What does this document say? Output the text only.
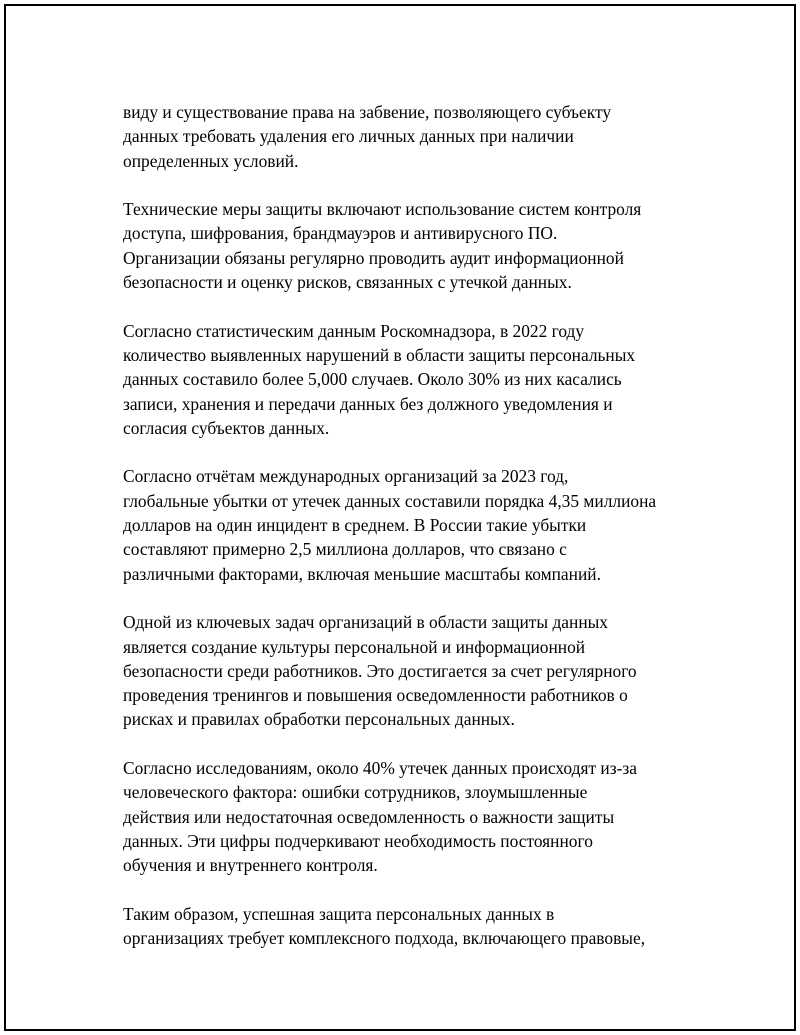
виду и существование права на забвение, позволяющего субъекту
данных требовать удаления его личных данных при наличии
определенных условий.

Технические меры защиты включают использование систем контроля
доступа, шифрования, брандмауэров и антивирусного ПО.
Организации обязаны регулярно проводить аудит информационной
безопасности и оценку рисков, связанных с утечкой данных.

Согласно статистическим данным Роскомнадзора, в 2022 году
количество выявленных нарушений в области защиты персональных
данных составило более 5,000 случаев. Около 30% из них касались
записи, хранения и передачи данных без должного уведомления и
согласия субъектов данных.

Согласно отчётам международных организаций за 2023 год,
глобальные убытки от утечек данных составили порядка 4,35 миллиона
долларов на один инцидент в среднем. В России такие убытки
составляют примерно 2,5 миллиона долларов, что связано с
различными факторами, включая меньшие масштабы компаний.

Одной из ключевых задач организаций в области защиты данных
является создание культуры персональной и информационной
безопасности среди работников. Это достигается за счет регулярного
проведения тренингов и повышения осведомленности работников о
рисках и правилах обработки персональных данных.

Согласно исследованиям, около 40% утечек данных происходят из-за
человеческого фактора: ошибки сотрудников, злоумышленные
действия или недостаточная осведомленность о важности защиты
данных. Эти цифры подчеркивают необходимость постоянного
обучения и внутреннего контроля.

Таким образом, успешная защита персональных данных в
организациях требует комплексного подхода, включающего правовые,
